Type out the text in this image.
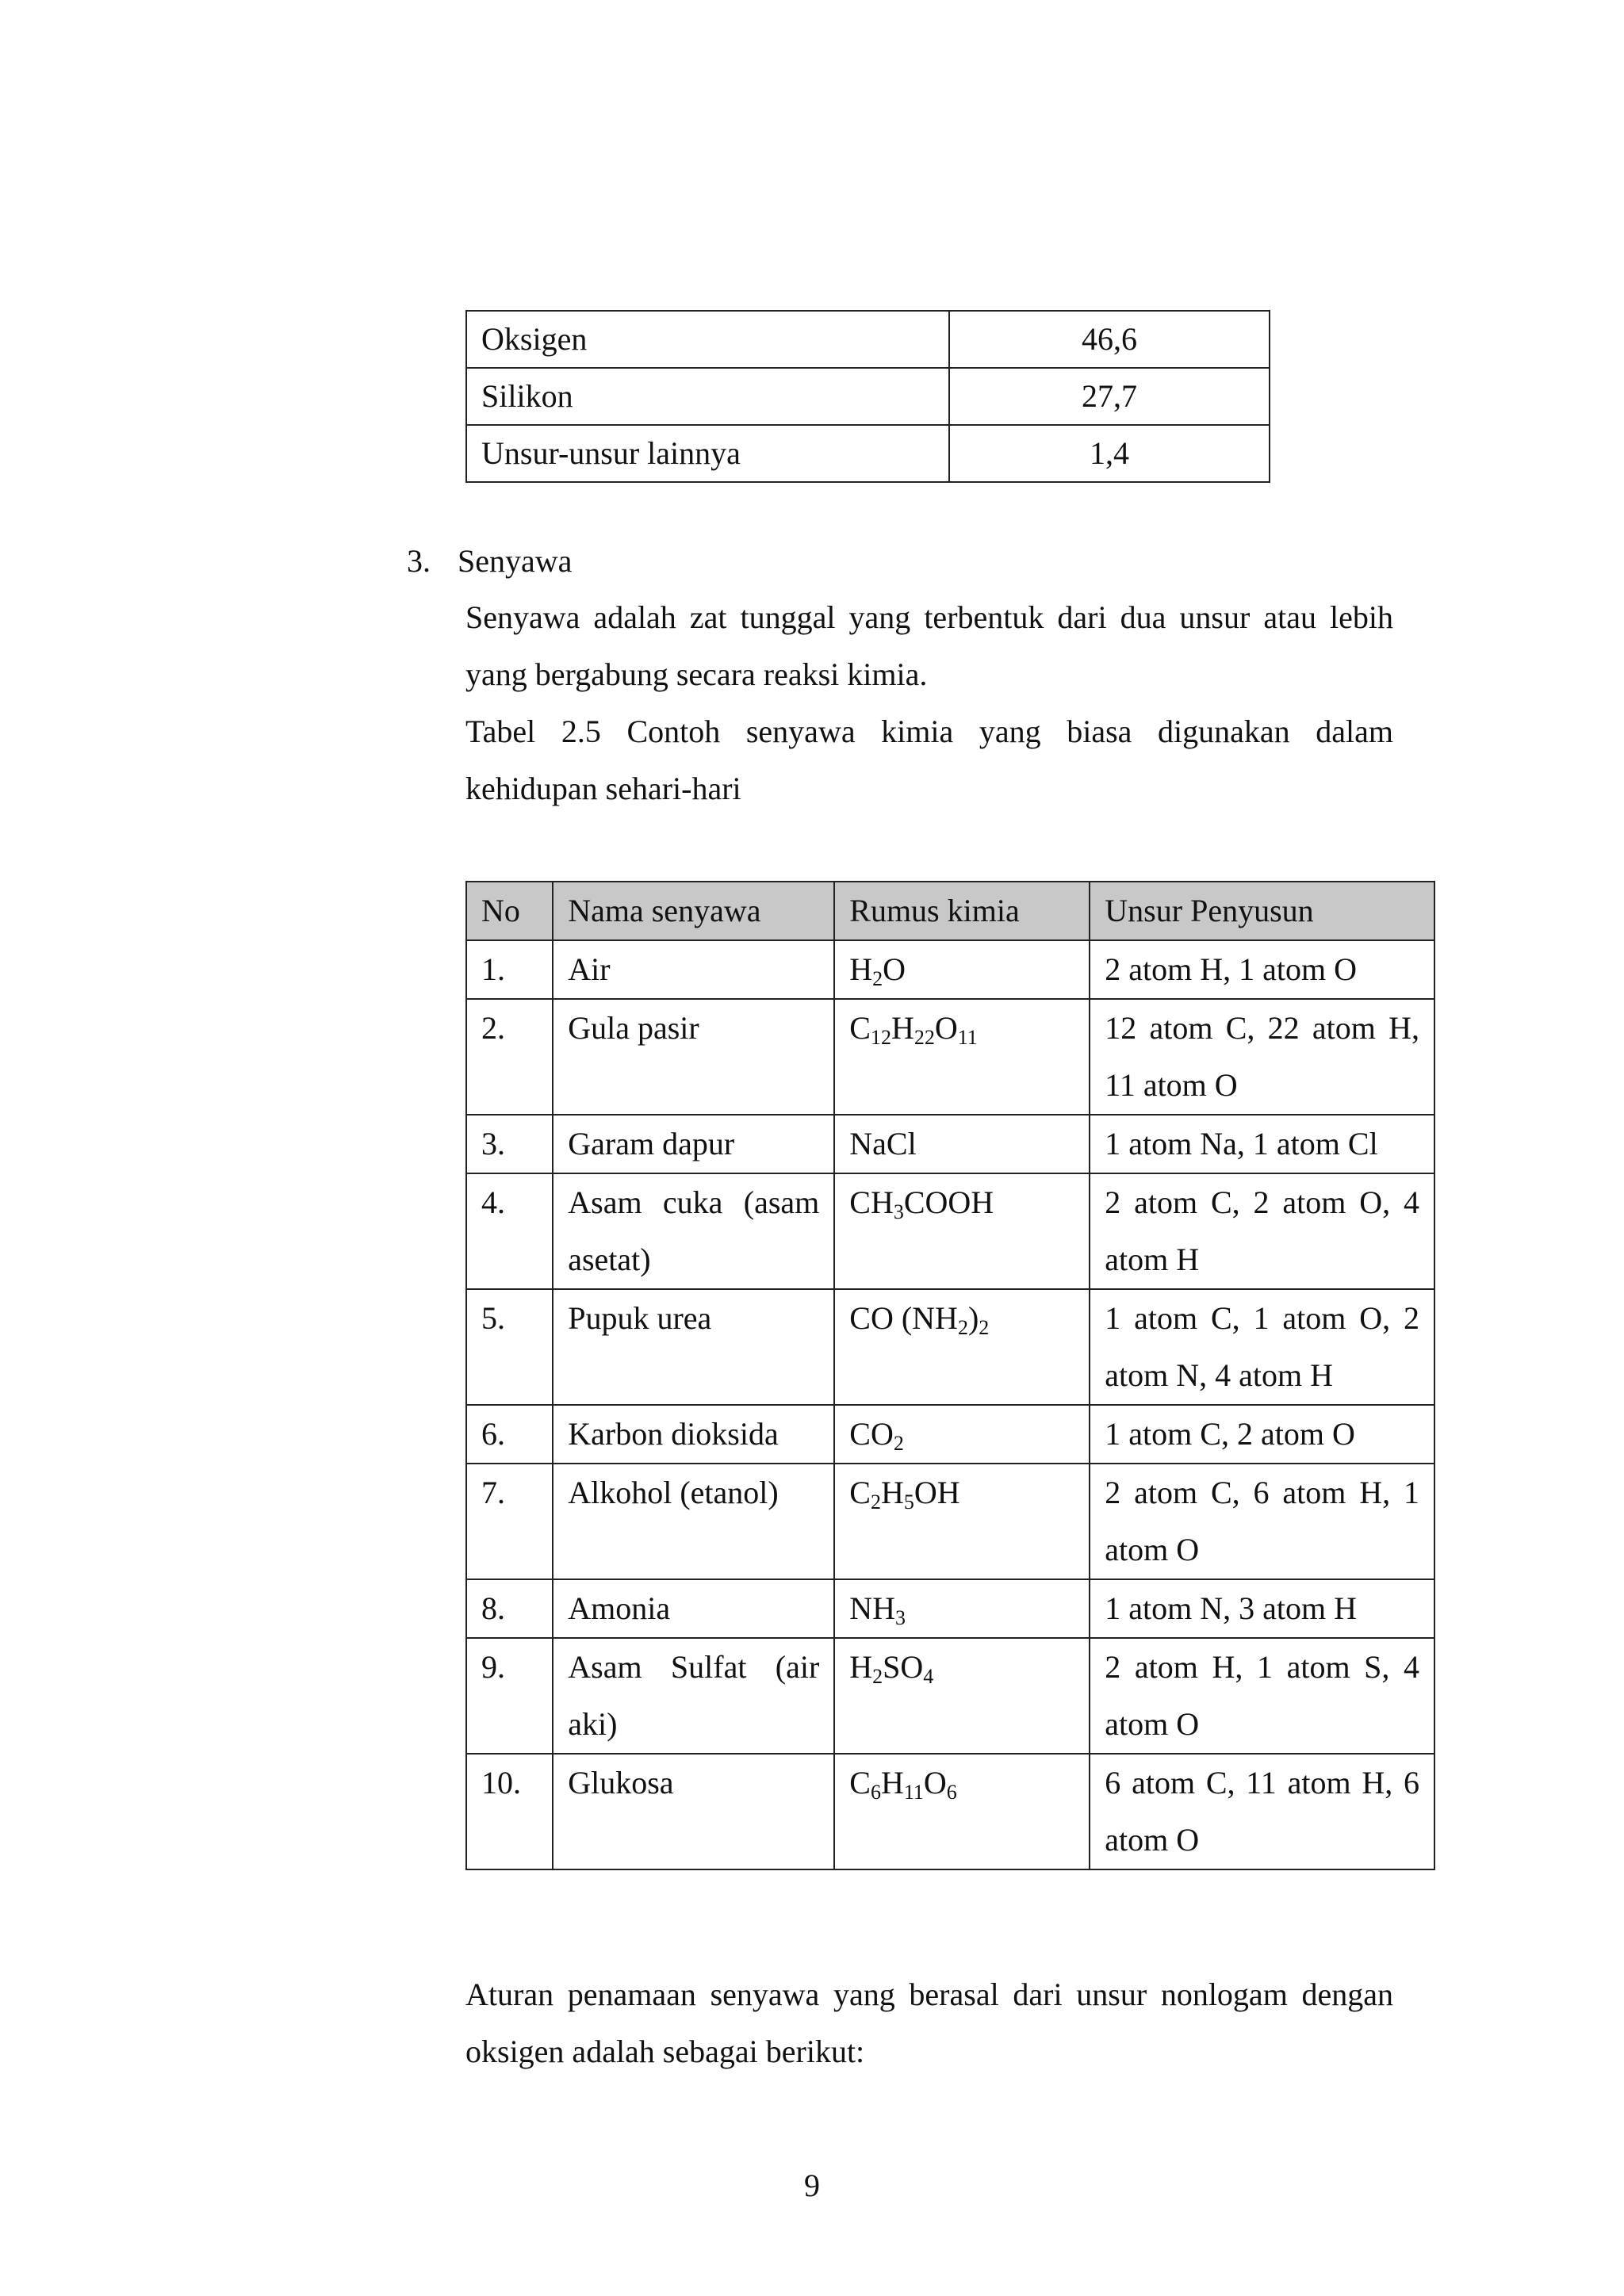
Oksigen	46,6
Silikon	27,7
Unsur-unsur lainnya	1,4
3. Senyawa
Senyawa adalah zat tunggal yang terbentuk dari dua unsur atau lebih
yang bergabung secara reaksi kimia.
Tabel 2.5 Contoh senyawa kimia yang biasa digunakan dalam
kehidupan sehari-hari
No	Nama senyawa	Rumus kimia	Unsur Penyusun
1.	Air	$H_2O$	2 atom H, 1 atom O
2.	Gula pasir	$C_{12}H_{22}O_{11}$	12 atom C, 22 atom H, 11 atom O
3.	Garam dapur	NaCl	1 atom Na, 1 atom Cl
4.	Asam cuka (asam asetat)	$CH_3COOH$	2 atom C, 2 atom O, 4 atom H
5.	Pupuk urea	CO $(NH_2)_2$	1 atom C, 1 atom O, 2 atom N, 4 atom H
6.	Karbon dioksida	$CO_2$	1 atom C, 2 atom O
7.	Alkohol (etanol)	$C_2H_5OH$	2 atom C, 6 atom H, 1 atom O
8.	Amonia	$NH_3$	1 atom N, 3 atom H
9.	Asam Sulfat (air aki)	$H_2SO_4$	2 atom H, 1 atom S, 4 atom O
10.	Glukosa	$C_6H_{11}O_6$	6 atom C, 11 atom H, 6 atom O
Aturan penamaan senyawa yang berasal dari unsur nonlogam dengan
oksigen adalah sebagai berikut:
9
